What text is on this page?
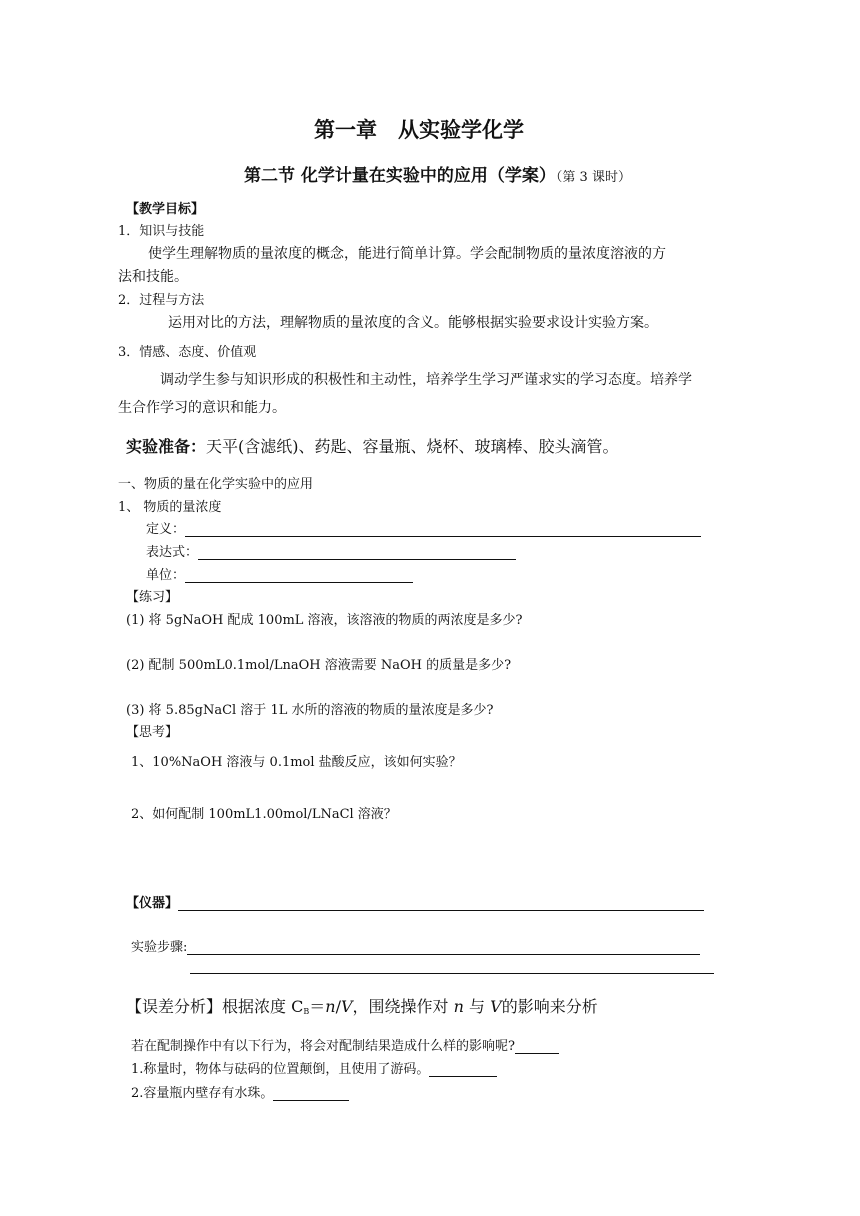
第一章　从实验学化学
第二节 化学计量在实验中的应用（学案）（第 3 课时）
【教学目标】
1．知识与技能
使学生理解物质的量浓度的概念，能进行简单计算。学会配制物质的量浓度溶液的方
法和技能。
2．过程与方法
运用对比的方法，理解物质的量浓度的含义。能够根据实验要求设计实验方案。
3．情感、态度、价值观
调动学生参与知识形成的积极性和主动性，培养学生学习严谨求实的学习态度。培养学
生合作学习的意识和能力。
实验准备：天平(含滤纸)、药匙、容量瓶、烧杯、玻璃棒、胶头滴管。
一、物质的量在化学实验中的应用
1、 物质的量浓度
定义：
表达式：
单位：
【练习】
(1) 将 5gNaOH 配成 100mL 溶液，该溶液的物质的两浓度是多少?
(2) 配制 500mL0.1mol/LnaOH 溶液需要 NaOH 的质量是多少?
(3) 将 5.85gNaCl 溶于 1L 水所的溶液的物质的量浓度是多少?
【思考】
1、10%NaOH 溶液与 0.1mol 盐酸反应，该如何实验？
2、如何配制 100mL1.00mol/LNaCl 溶液？
【仪器】
实验步骤:
【误差分析】根据浓度 $C_B=n/V$，围绕操作对 n 与 V的影响来分析
若在配制操作中有以下行为，将会对配制结果造成什么样的影响呢?
1.称量时，物体与砝码的位置颠倒，且使用了游码。
2.容量瓶内壁存有水珠。
